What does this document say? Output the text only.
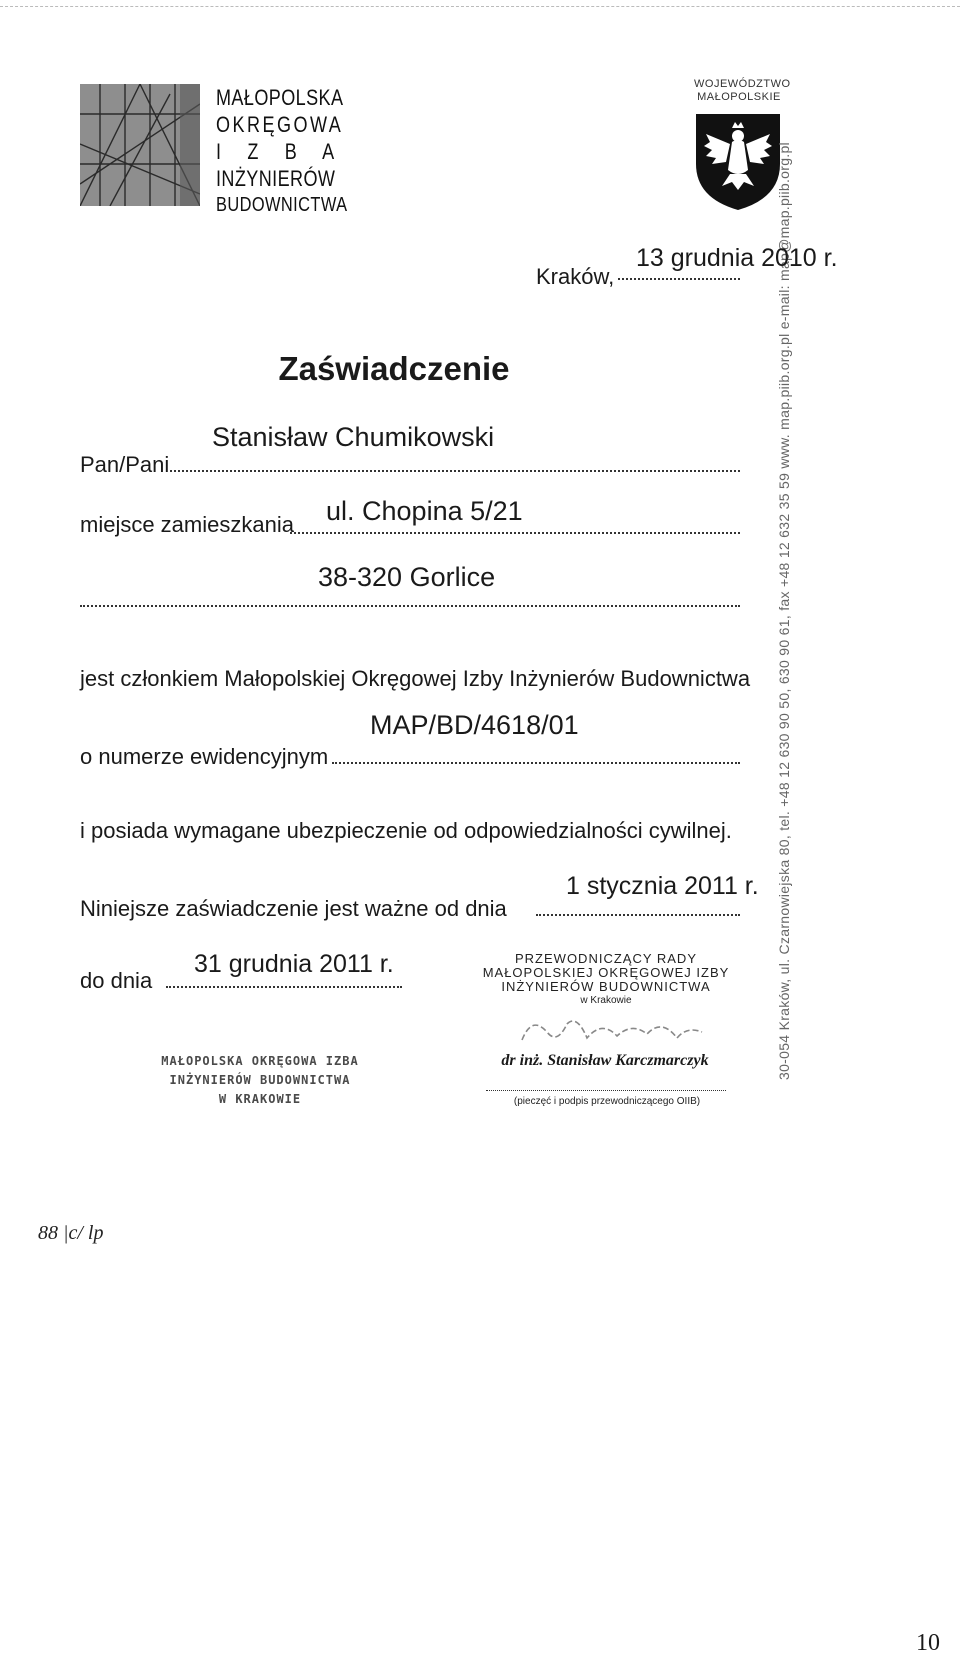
MAŁOPOLSKA
OKRĘGOWA
I Z B A
INŻYNIERÓW
BUDOWNICTWA
WOJEWÓDZTWO
MAŁOPOLSKIE
30-054 Kraków, ul. Czarnowiejska 80, tel. +48 12 630 90 50, 630 90 61, fax +48 12 632 35 59 www. map.piib.org.pl e-mail: map@map.piib.org.pl
Kraków,
13 grudnia 2010 r.
Zaświadczenie
Pan/Pani
Stanisław Chumikowski
miejsce zamieszkania ul. Chopina 5/21
38-320 Gorlice
jest członkiem Małopolskiej Okręgowej Izby Inżynierów Budownictwa
MAP/BD/4618/01
o numerze ewidencyjnym
i posiada wymagane ubezpieczenie od odpowiedzialności cywilnej.
1 stycznia 2011 r.
Niniejsze zaświadczenie jest ważne od dnia
31 grudnia 2011 r.
do dnia
PRZEWODNICZĄCY RADY
MAŁOPOLSKIEJ OKRĘGOWEJ IZBY
INŻYNIERÓW BUDOWNICTWA
w Krakowie
dr inż. Stanisław Karczmarczyk
(pieczęć i podpis przewodniczącego OIIB)
MAŁOPOLSKA OKRĘGOWA IZBA
INŻYNIERÓW BUDOWNICTWA
W KRAKOWIE
88 |c/ lp
10
